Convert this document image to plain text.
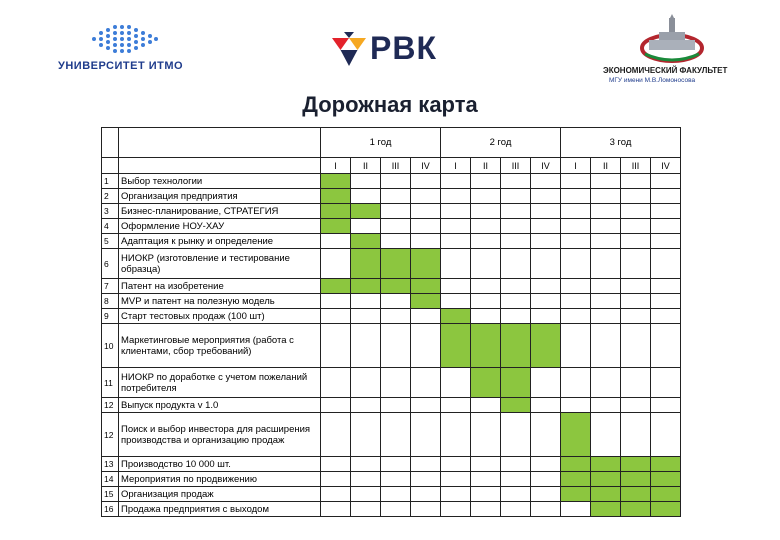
УНИВЕРСИТЕТ ИТМО	РВК
ЭКОНОМИЧЕСКИЙ ФАКУЛЬТЕТ
МГУ имени М.В.Ломоносова
Дорожная карта
		1 год				2 год				3 год			
		I	II	III	IV	I	II	III	IV	I	II	III	IV
1	Выбор технологии												
2	Организация предприятия												
3	Бизнес-планирование, СТРАТЕГИЯ												
4	Оформление НОУ-ХАУ												
5	Адаптация к рынку и определение												
6	НИОКР (изготовление и тестирование образца)												
7	Патент на изобретение												
8	MVP и патент на полезную модель												
9	Старт тестовых продаж (100 шт)												
10	Маркетинговые мероприятия (работа с клиентами, сбор требований)												
11	НИОКР по доработке с учетом пожеланий потребителя												
12	Выпуск продукта v 1.0												
12	Поиск и выбор инвестора для расширения производства и организацию продаж												
13	Производство 10 000 шт.												
14	Мероприятия по продвижению												
15	Организация продаж												
16	Продажа предприятия с выходом												
